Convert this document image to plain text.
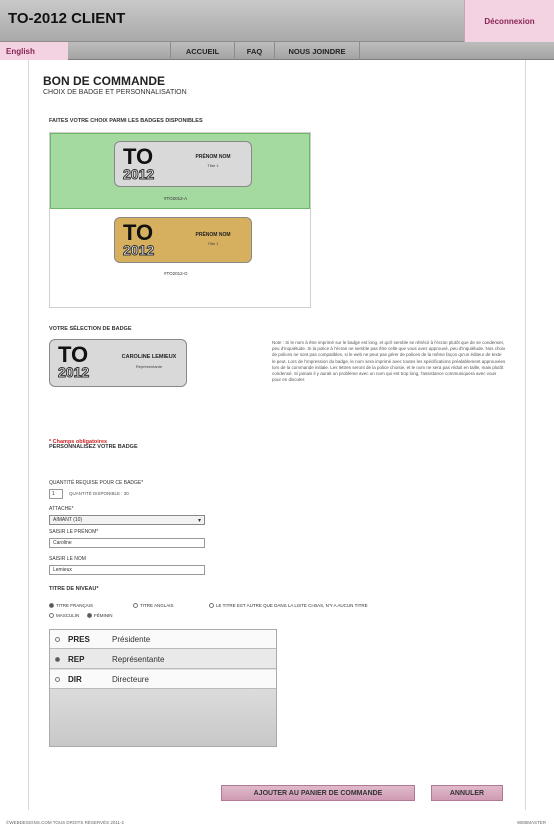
TO-2012 CLIENT	Déconnexion
English	ACCUEIL	FAQ	NOUS JOINDRE
BON DE COMMANDE
CHOIX DE BADGE ET PERSONNALISATION
FAITES VOTRE CHOIX PARMI LES BADGES DISPONIBLES
TO
2012
PRÉNOM NOM
Titre 1
#TO2012-A
TO
2012
PRÉNOM NOM
Titre 1
#TO2012-G
VOTRE SÉLECTION DE BADGE
TO
2012
CAROLINE LEMIEUX
Représentante
Note : Si le nom à être imprimé sur le badge est long, et qu'il semble se rétrécir à l'écran plutôt que de se condenser, peu d'inquiétude. Si la police à l'écran ne semble pas être celle que vous avez approuvé, peu d'inquiétude. Nos choix de polices ne sont pas compatibles, si le web ne peut pas gérer de polices de la même façon qu'un éditeur de texte le peut. Lors de l'impression du badge, le nom sera imprimé avec toutes les spécifications préalablement approuvées lors de la commande initiale. Les lettres seront de la police choisie, et le nom ne sera pas réduit en taille, mais plutôt condensé. Si jamais il y aurait un problème avec un nom qui est trop long, l'assistance communiquera avec vous pour en discuter.
PERSONNALISEZ VOTRE BADGE
* Champs obligatoires
QUANTITÉ REQUISE POUR CE BADGE*
1	QUANTITÉ DISPONIBLE : 30
ATTACHE*
AIMANT (10)	▾
SAISIR LE PRÉNOM*
Caroline
SAISIR LE NOM
Lemieux
TITRE DE NIVEAU*
TITRE FRANÇAIS	TITRE ANGLAIS	LE TITRE EST AUTRE QUE DANS LA LISTE CI-BAS, N'Y A AUCUN TITRE
MASCULIN	FÉMININ
PRES	Présidente
REP	Représentante
DIR	Directeure
AJOUTER AU PANIER DE COMMANDE	ANNULER
©WEBDESIGNS.COM TOUS DROITS RÉSERVÉS 2011-2	WEBMASTER
